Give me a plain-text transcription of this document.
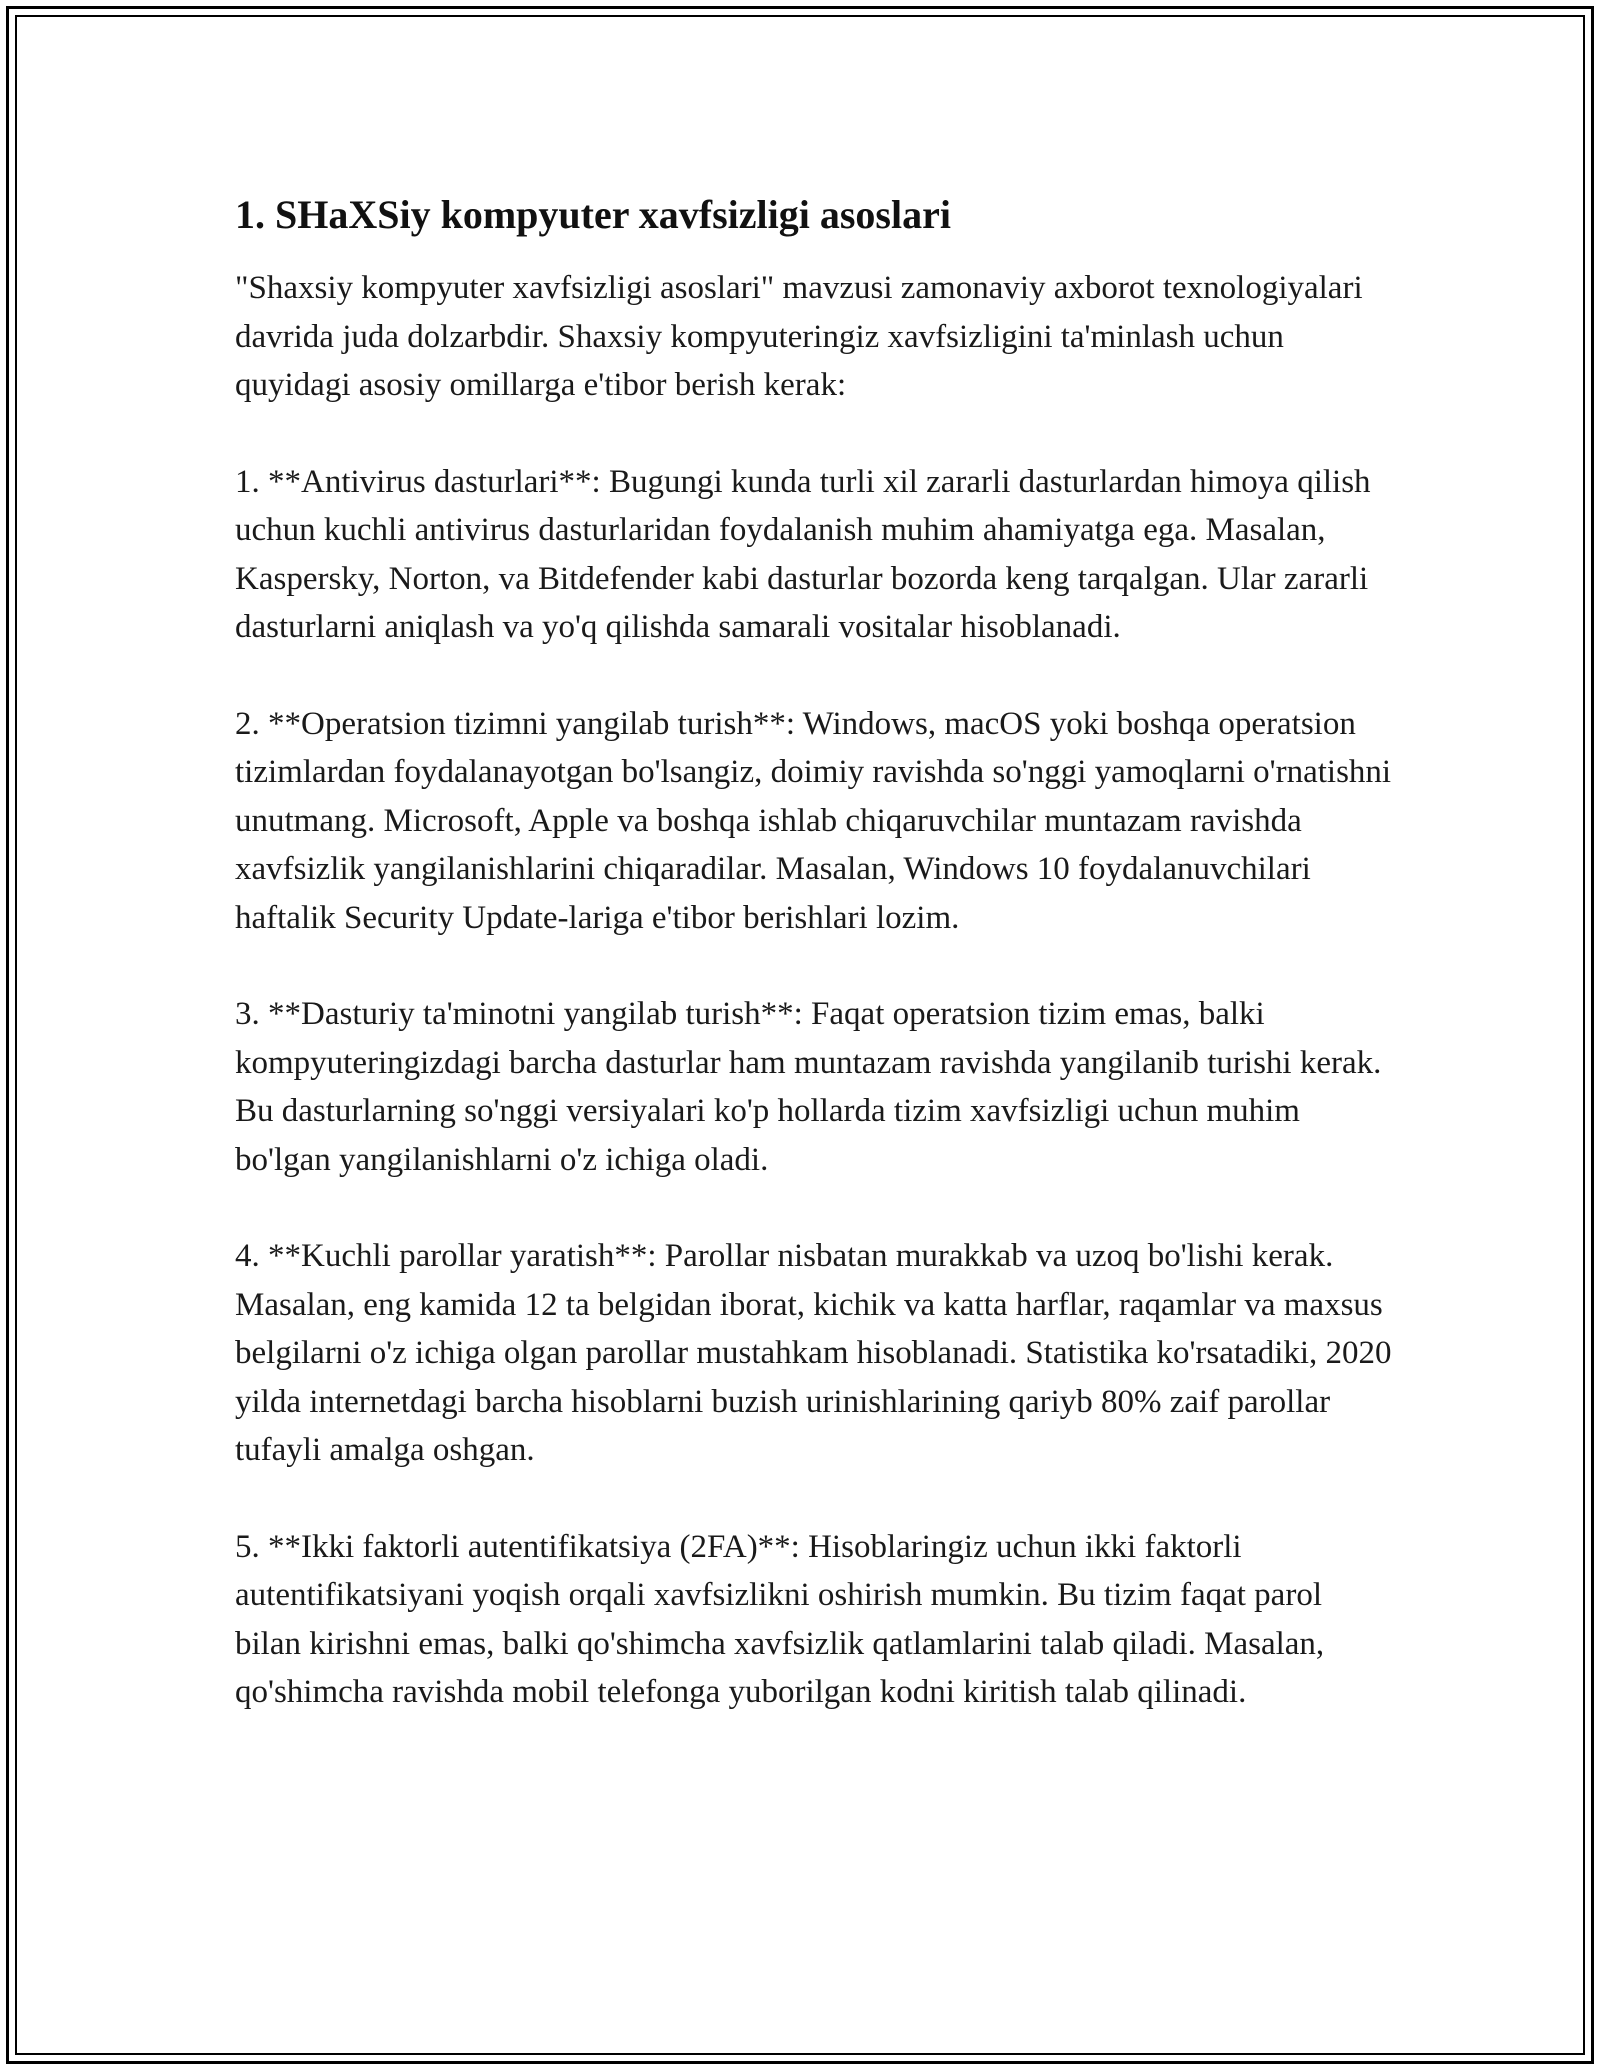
1. SHaXSiy kompyuter xavfsizligi asoslari

"Shaxsiy kompyuter xavfsizligi asoslari" mavzusi zamonaviy axborot texnologiyalari davrida juda dolzarbdir. Shaxsiy kompyuteringiz xavfsizligini ta'minlash uchun quyidagi asosiy omillarga e'tibor berish kerak:

1. **Antivirus dasturlari**: Bugungi kunda turli xil zararli dasturlardan himoya qilish uchun kuchli antivirus dasturlaridan foydalanish muhim ahamiyatga ega. Masalan, Kaspersky, Norton, va Bitdefender kabi dasturlar bozorda keng tarqalgan. Ular zararli dasturlarni aniqlash va yo'q qilishda samarali vositalar hisoblanadi.

2. **Operatsion tizimni yangilab turish**: Windows, macOS yoki boshqa operatsion tizimlardan foydalanayotgan bo'lsangiz, doimiy ravishda so'nggi yamoqlarni o'rnatishni unutmang. Microsoft, Apple va boshqa ishlab chiqaruvchilar muntazam ravishda xavfsizlik yangilanishlarini chiqaradilar. Masalan, Windows 10 foydalanuvchilari haftalik Security Update-lariga e'tibor berishlari lozim.

3. **Dasturiy ta'minotni yangilab turish**: Faqat operatsion tizim emas, balki kompyuteringizdagi barcha dasturlar ham muntazam ravishda yangilanib turishi kerak. Bu dasturlarning so'nggi versiyalari ko'p hollarda tizim xavfsizligi uchun muhim bo'lgan yangilanishlarni o'z ichiga oladi.

4. **Kuchli parollar yaratish**: Parollar nisbatan murakkab va uzoq bo'lishi kerak. Masalan, eng kamida 12 ta belgidan iborat, kichik va katta harflar, raqamlar va maxsus belgilarni o'z ichiga olgan parollar mustahkam hisoblanadi. Statistika ko'rsatadiki, 2020 yilda internetdagi barcha hisoblarni buzish urinishlarining qariyb 80% zaif parollar tufayli amalga oshgan.

5. **Ikki faktorli autentifikatsiya (2FA)**: Hisoblaringiz uchun ikki faktorli autentifikatsiyani yoqish orqali xavfsizlikni oshirish mumkin. Bu tizim faqat parol bilan kirishni emas, balki qo'shimcha xavfsizlik qatlamlarini talab qiladi. Masalan, qo'shimcha ravishda mobil telefonga yuborilgan kodni kiritish talab qilinadi.
